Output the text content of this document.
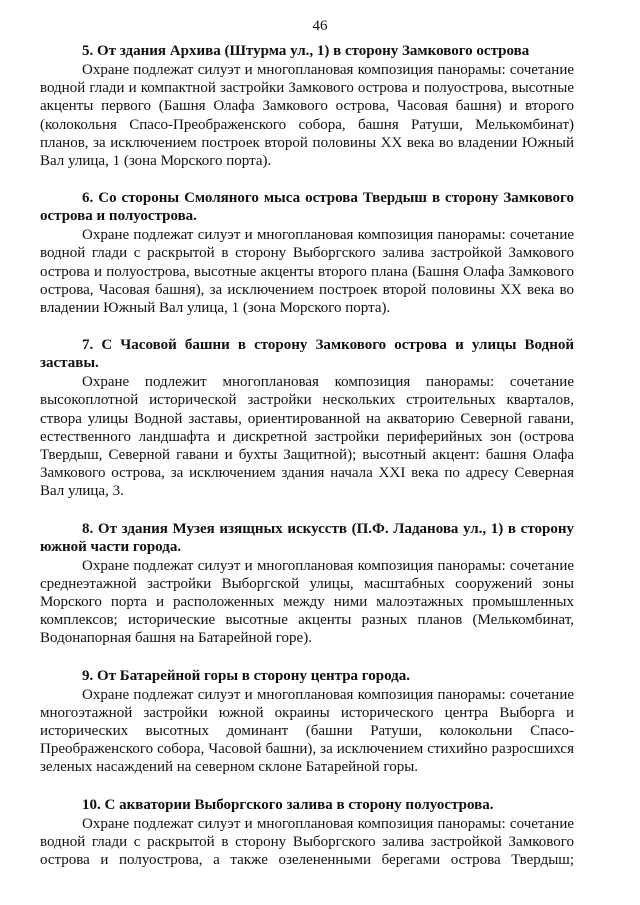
46

5. От здания Архива (Штурма ул., 1) в сторону Замкового острова

Охране подлежат силуэт и многоплановая композиция панорамы: сочетание водной глади и компактной застройки Замкового острова и полуострова, высотные акценты первого (Башня Олафа Замкового острова, Часовая башня) и второго (колокольня Спасо-Преображенского собора, башня Ратуши, Мелькомбинат) планов, за исключением построек второй половины XX века во владении Южный Вал улица, 1 (зона Морского порта).

6. Со стороны Смоляного мыса острова Твердыш в сторону Замкового острова и полуострова.

Охране подлежат силуэт и многоплановая композиция панорамы: сочетание водной глади с раскрытой в сторону Выборгского залива застройкой Замкового острова и полуострова, высотные акценты второго плана (Башня Олафа Замкового острова, Часовая башня), за исключением построек второй половины XX века во владении Южный Вал улица, 1 (зона Морского порта).

7. С Часовой башни в сторону Замкового острова и улицы Водной заставы.

Охране подлежит многоплановая композиция панорамы: сочетание высокоплотной исторической застройки нескольких строительных кварталов, створа улицы Водной заставы, ориентированной на акваторию Северной гавани, естественного ландшафта и дискретной застройки периферийных зон (острова Твердыш, Северной гавани и бухты Защитной); высотный акцент: башня Олафа Замкового острова, за исключением здания начала XXI века по адресу Северная Вал улица, 3.

8. От здания Музея изящных искусств (П.Ф. Ладанова ул., 1) в сторону южной части города.

Охране подлежат силуэт и многоплановая композиция панорамы: сочетание среднеэтажной застройки Выборгской улицы, масштабных сооружений зоны Морского порта и расположенных между ними малоэтажных промышленных комплексов; исторические высотные акценты разных планов (Мелькомбинат, Водонапорная башня на Батарейной горе).

9. От Батарейной горы в сторону центра города.

Охране подлежат силуэт и многоплановая композиция панорамы: сочетание многоэтажной застройки южной окраины исторического центра Выборга и исторических высотных доминант (башни Ратуши, колокольни Спасо-Преображенского собора, Часовой башни), за исключением стихийно разросшихся зеленых насаждений на северном склоне Батарейной горы.

10. С акватории Выборгского залива в сторону полуострова.

Охране подлежат силуэт и многоплановая композиция панорамы: сочетание водной глади с раскрытой в сторону Выборгского залива застройкой Замкового острова и полуострова, а также озелененными берегами острова Твердыш;
